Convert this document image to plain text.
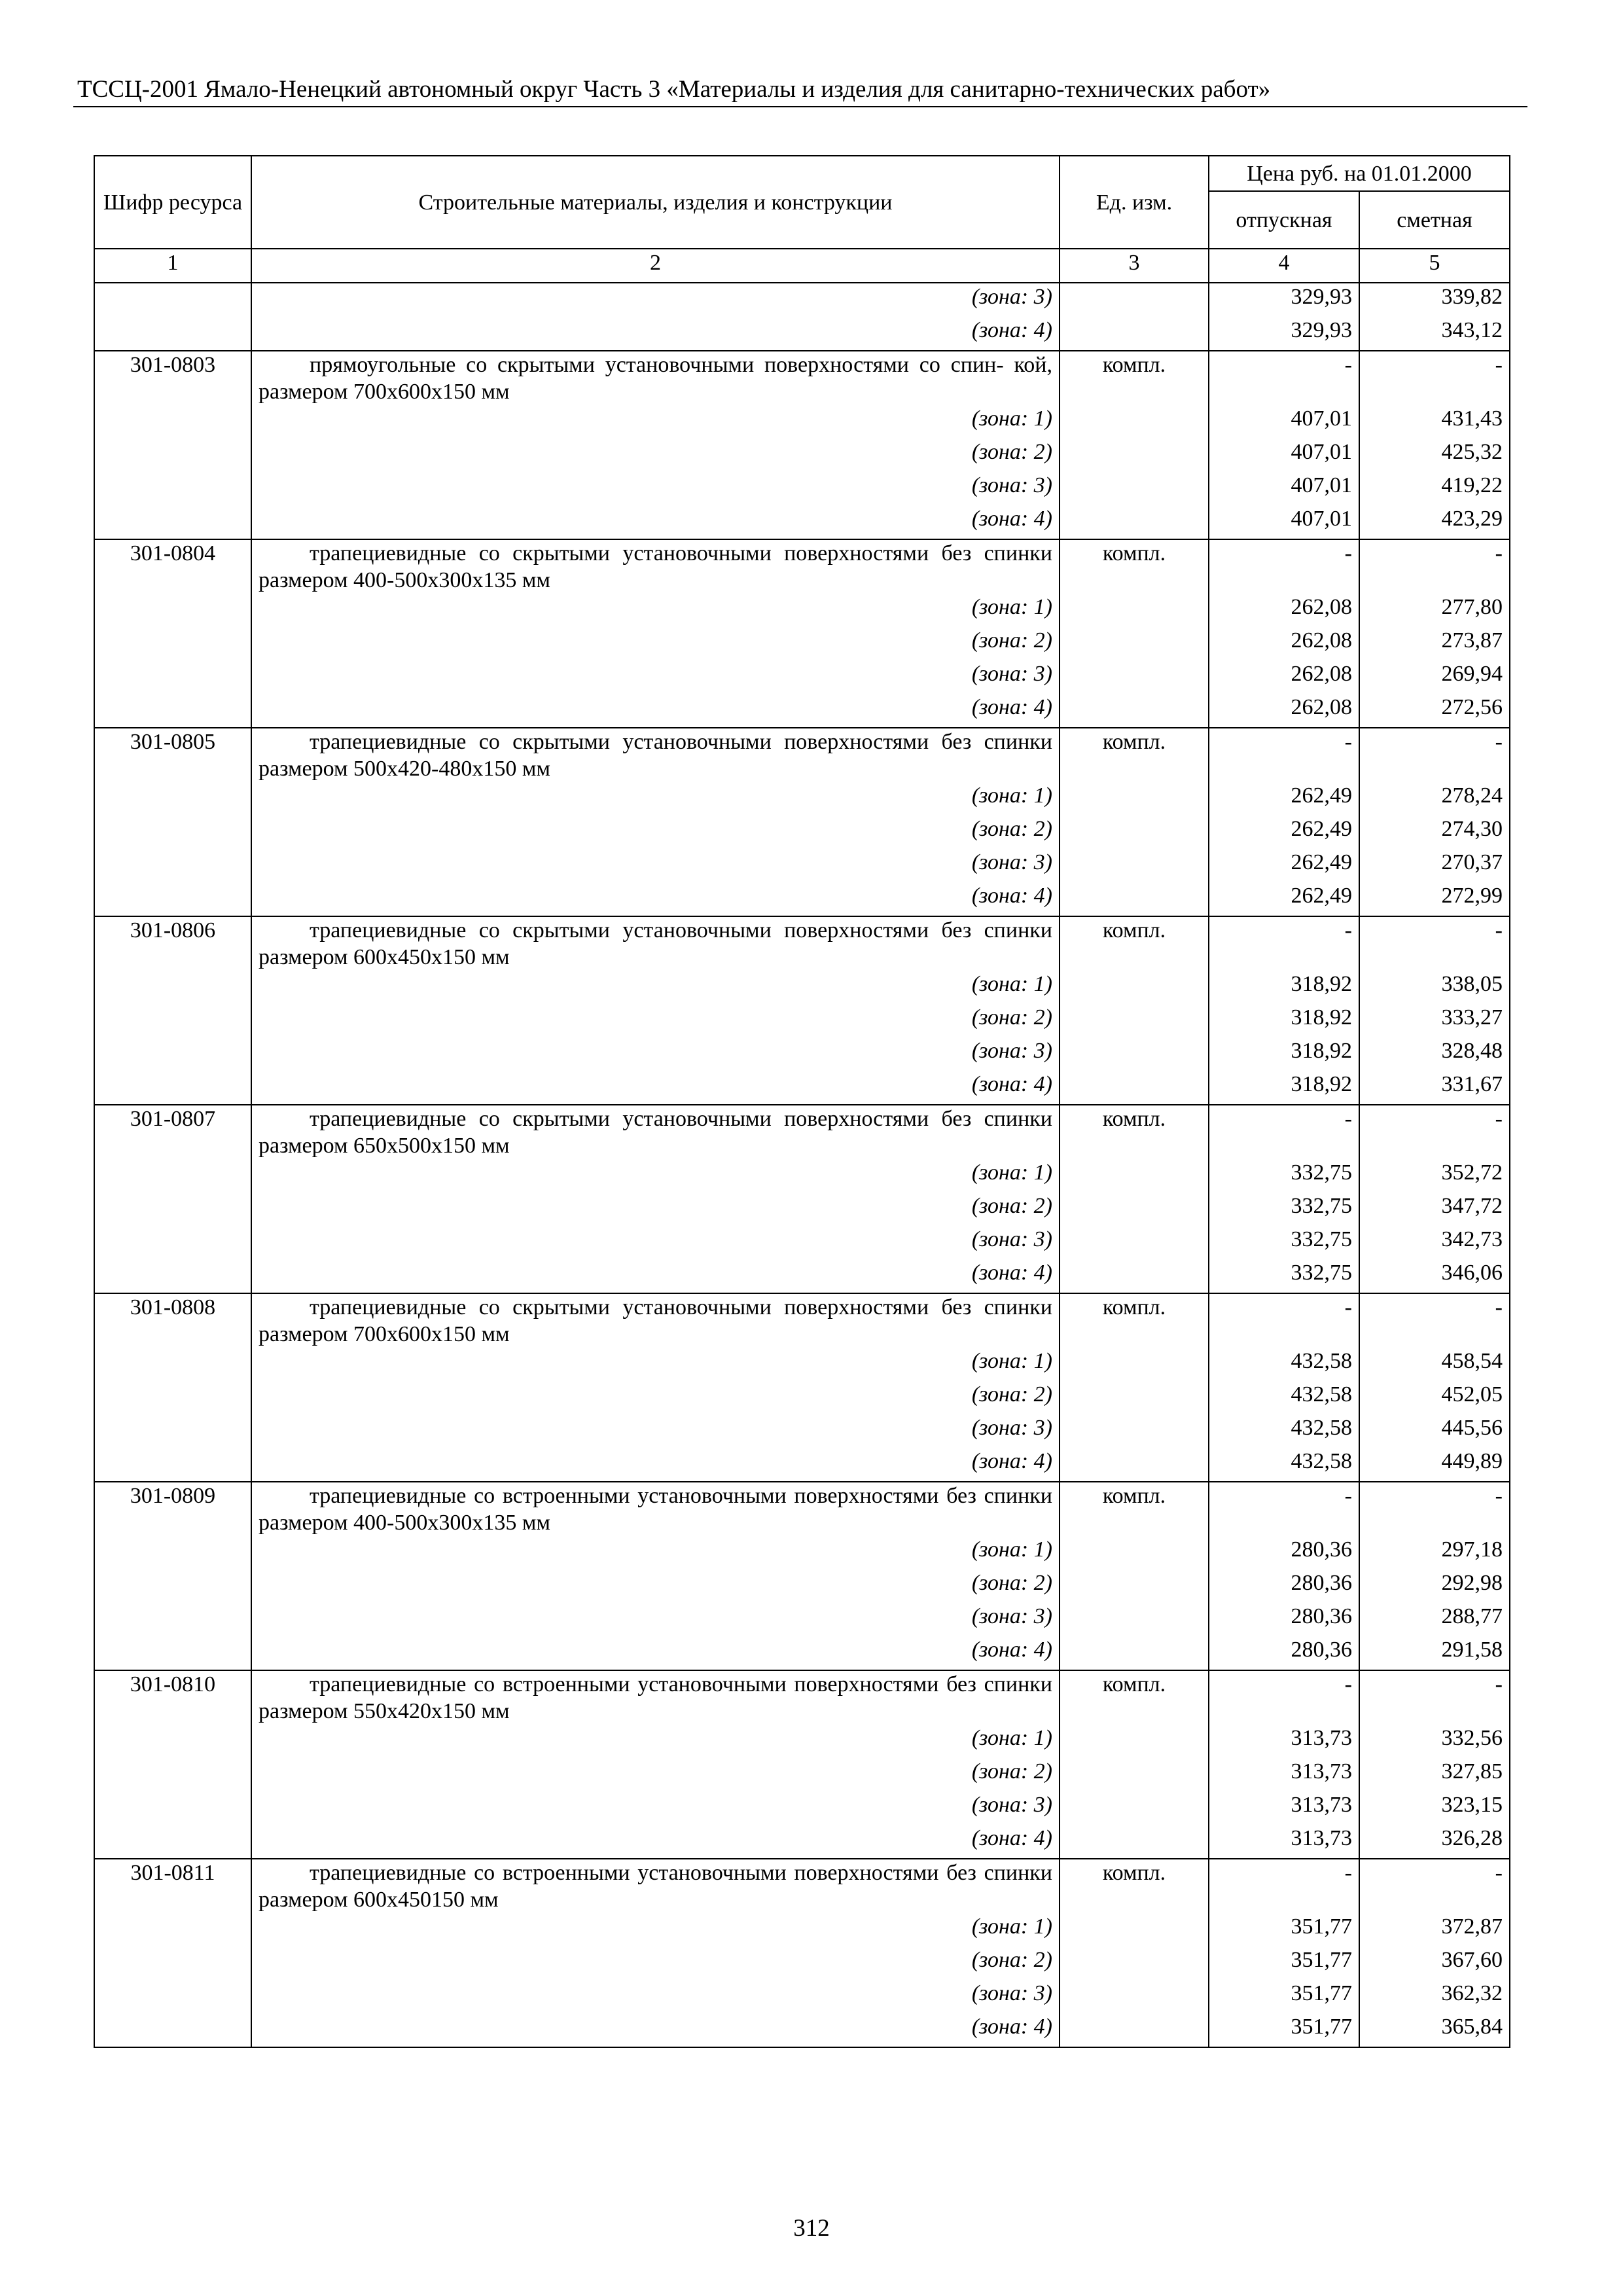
ТССЦ-2001 Ямало-Ненецкий автономный округ Часть 3 «Материалы и изделия для санитарно-технических работ»
Шифр ресурса	Строительные материалы, изделия и конструкции	Ед. изм.	Цена руб. на 01.01.2000	
			отпускная	сметная
1	2	3	4	5
	(зона: 3)		329,93	339,82
	(зона: 4)		329,93	343,12
301-0803	прямоугольные со скрытыми установочными поверхностями со спин- кой, размером 700х600х150 мм	компл.	-	-
	(зона: 1)		407,01	431,43
	(зона: 2)		407,01	425,32
	(зона: 3)		407,01	419,22
	(зона: 4)		407,01	423,29
301-0804	трапециевидные со скрытыми установочными поверхностями без спинки размером 400-500х300х135 мм	компл.	-	-
	(зона: 1)		262,08	277,80
	(зона: 2)		262,08	273,87
	(зона: 3)		262,08	269,94
	(зона: 4)		262,08	272,56
301-0805	трапециевидные со скрытыми установочными поверхностями без спинки размером 500х420-480х150 мм	компл.	-	-
	(зона: 1)		262,49	278,24
	(зона: 2)		262,49	274,30
	(зона: 3)		262,49	270,37
	(зона: 4)		262,49	272,99
301-0806	трапециевидные со скрытыми установочными поверхностями без спинки размером 600х450х150 мм	компл.	-	-
	(зона: 1)		318,92	338,05
	(зона: 2)		318,92	333,27
	(зона: 3)		318,92	328,48
	(зона: 4)		318,92	331,67
301-0807	трапециевидные со скрытыми установочными поверхностями без спинки размером 650х500х150 мм	компл.	-	-
	(зона: 1)		332,75	352,72
	(зона: 2)		332,75	347,72
	(зона: 3)		332,75	342,73
	(зона: 4)		332,75	346,06
301-0808	трапециевидные со скрытыми установочными поверхностями без спинки размером 700х600х150 мм	компл.	-	-
	(зона: 1)		432,58	458,54
	(зона: 2)		432,58	452,05
	(зона: 3)		432,58	445,56
	(зона: 4)		432,58	449,89
301-0809	трапециевидные со встроенными установочными поверхностями без спинки размером 400-500х300х135 мм	компл.	-	-
	(зона: 1)		280,36	297,18
	(зона: 2)		280,36	292,98
	(зона: 3)		280,36	288,77
	(зона: 4)		280,36	291,58
301-0810	трапециевидные со встроенными установочными поверхностями без спинки размером 550х420х150 мм	компл.	-	-
	(зона: 1)		313,73	332,56
	(зона: 2)		313,73	327,85
	(зона: 3)		313,73	323,15
	(зона: 4)		313,73	326,28
301-0811	трапециевидные со встроенными установочными поверхностями без спинки размером 600х450150 мм	компл.	-	-
	(зона: 1)		351,77	372,87
	(зона: 2)		351,77	367,60
	(зона: 3)		351,77	362,32
	(зона: 4)		351,77	365,84
312
